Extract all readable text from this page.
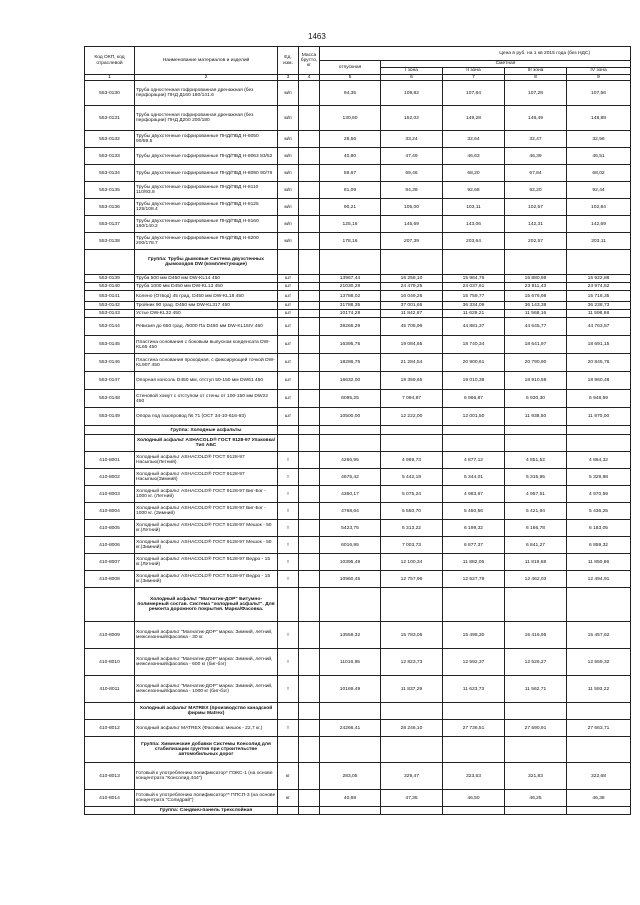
1463
Код ОКП, код отраслевой	Наименование материалов и изделий	Ед. изм.	Масса брутто, кг	Цена в руб. на 1 кв 2015 года (без НДС)				
				отпускная	Сметная			
					I зона	II зона	III зона	IV зона
1	2	3	4	5	6	7	8	9
553-0130	Труба одностенная гофрированная дренажная (без перфорации) ПНД Д160 180/141.6	м/п		94,35	109,82	107,84	107,28	107,56
553-0131	Труба одностенная гофрированная дренажная (без перфорации) ПНД Д200 200/180	м/п		130,60	152,02	149,28	148,49	148,88
553-0132	Трубы двухстенные гофрированные ПНД/ПВД Н-8050 90/59.5	м/п		28,56	33,24	32,64	32,47	32,56
553-0133	Трубы двухстенные гофрированные ПНД/ПВД Н-8063 83/52	м/п		40,80	47,49	46,63	46,39	46,51
553-0134	Трубы двухстенные гофрированные ПНД/ПВД Н-8090 90/76	м/п		59,67	69,46	68,20	67,84	68,02
553-0135	Трубы двухстенные гофрированные ПНД/ПВД Н-8110 110/93.8	м/п		81,09	94,39	92,68	92,20	92,44
553-0136	Трубы двухстенные гофрированные ПНД/ПВД Н-8125 125/108.4	м/п		90,21	105,00	103,11	102,57	102,84
553-0137	Трубы двухстенные гофрированные ПНД/ПВД Н-8160 160/140.2	м/п		125,16	145,69	143,06	142,31	142,69
553-0138	Трубы двухстенные гофрированные ПНД/ПВД Н-8200 200/178.7	м/п		178,16	207,39	203,64	202,57	203,11
	Группа: Трубы дымовые Система двухстенных дымоходов DW (комплектующие)							
553-0139	Труба 500 мм D450 мм DW-KL14 450	шт		13967,44	16 258,10	15 964,76	15 880,98	15 922,88
553-0140	Труба 1000 мм D450 мм DW-KL13 450	шт		21030,28	24 479,25	24 037,61	23 811,43	23 974,52
553-0141	Колено (Отвод) 45 град. D450 мм DW-KL18 450	шт		13788,02	16 049,26	15 759,77	15 676,98	15 718,35
553-0142	Тройник 90 град. D450 мм DW-KL317 450	шт		31788,35	37 001,65	36 334,09	36 143,38	36 238,73
553-0143	Устье DW-KL32 450	шт		10174,28	11 842,87	11 629,21	11 568,16	11 598,68
553-0144	Ревизия до 650 град. /5000 Па D450 мм DW-KL15IV 450	шт		39266,29	45 705,96	44 881,37	44 645,77	44 763,57
553-0145	Пластина основания с боковым выпуском конденсата DW-KL65 450	шт		16395,75	19 084,65	18 740,34	18 641,97	18 691,15
553-0146	Пластина основания проходная, с фиксирующей точкой DW-KL907 450	шт		18286,75	21 284,54	20 900,61	20 790,90	20 845,76
553-0147	Опорная консоль D450 мм, отступ 50-150 мм DW61 450	шт		16632,00	19 359,65	19 010,38	18 910,58	18 960,48
553-0148	Стеновой хомут с отступом от стены от 100-150 мм DW22 450	шт		6095,25	7 094,87	6 966,87	6 930,30	6 948,59
553-0149	Опора под газопровод № 71 (ОСТ 34-10-616-93)	шт		10500,00	12 222,00	12 001,50	11 938,50	11 970,00
	Группа: Холодные асфальты							
	Холодный асфальт ASHACOLD® ГОСТ 9128-97 Упаковка/Тип АБС							
410-8001	Холодный асфальт ASHACOLD® ГОСТ 9128-97 Насыпью(Летний)	т		4266,95	4 969,73	4 877,12	4 851,52	4 864,32
410-8002	Холодный асфальт ASHACOLD® ГОСТ 9128-97 Насыпью(Зимний)	т		4675,42	5 442,19	5 344,01	5 315,95	5 329,98
410-8003	Холодный асфальт ASHACOLD® ГОСТ 9128-97 Биг-Бэг - 1000 кг. (Летний)	т		4360,17	5 075,24	4 983,67	4 957,51	4 970,59
410-8004	Холодный асфальт ASHACOLD® ГОСТ 9128-97 Биг-Бэг - 1000 кг. (Зимний)	т		4768,64	5 550,70	5 450,56	5 421,94	5 436,25
410-8005	Холодный асфальт ASHACOLD® ГОСТ 9128-97 Мешок - 50 кг.(Летний)	т		5423,75	6 313,22	6 199,32	6 166,78	6 183,05
410-8006	Холодный асфальт ASHACOLD® ГОСТ 9128-97 Мешок - 50 кг.(Зимний)	т		6016,95	7 003,73	6 877,37	6 841,27	6 859,32
410-8007	Холодный асфальт ASHACOLD® ГОСТ 9128-97 Ведро - 15 кг.(Летний)	т		10395,49	12 100,34	11 882,05	11 819,68	11 850,86
410-8008	Холодный асфальт ASHACOLD® ГОСТ 9128-97 Ведро - 15 кг.(Зимний)	т		10960,45	12 757,96	12 527,79	12 462,03	12 494,91
	Холодный асфальт "Магнатик-ДОР" Битумно-полимерный состав. Система "холодный асфальт". Для ремонта дорожного покрытия. Марка/Фасовка.							
410-8009	Холодный асфальт "Магнатик-ДОР" марка: Зимний, летний, межсезонный/фасовка - 30 кг.	т		13559,32	15 783,05	15 498,30	15 416,95	15 457,62
410-8010	Холодный асфальт "Магнатик-ДОР" марка: Зимний, летний, межсезонный/фасовка - 600 кг (биг-бэг)	т		11016,95	12 823,73	12 592,37	12 526,27	12 559,32
410-8011	Холодный асфальт "Магнатик-ДОР" марка: Зимний, летний, межсезонный/фасовка - 1000 кг (биг-бэг)	т		10169,49	11 837,29	11 623,73	11 562,71	11 593,22
	Холодный асфальт MATREX (производство канадской фирмы Matrex)							
410-8012	Холодный асфальт MATREX (Фасовка: мешок - 22,7 кг.)	т		24266,41	28 246,10	27 736,51	27 590,91	27 663,71
	Группа: Химические добавки Системы Консолид для стабилизации грунтов при строительстве автомобильных дорог							
410-8013	Готовый к употреблению полификсатор* ПЭКС-1 (на основе концентрата "Консолид 444")	кг		283,05	329,47	323,53	321,83	322,68
410-8014	Готовый к употреблению полификсатор** ППСП-3 (на основе концентрата "Солидрай")	кг		40,68	47,35	46,50	46,25	46,38
	Группа: Сэндвич-панель трехслойная							
